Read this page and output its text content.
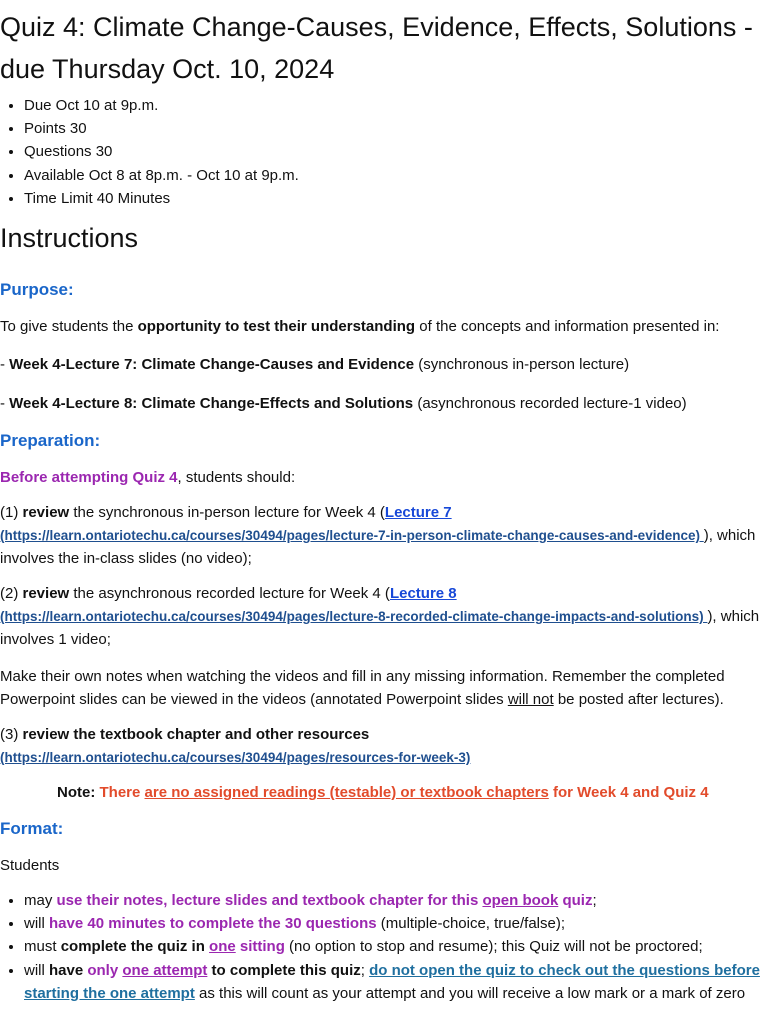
Quiz 4: Climate Change-Causes, Evidence, Effects, Solutions - due Thursday Oct. 10, 2024
• Due Oct 10 at 9p.m.
• Points 30
• Questions 30
• Available Oct 8 at 8p.m. - Oct 10 at 9p.m.
• Time Limit 40 Minutes
Instructions

Purpose:

To give students the opportunity to test their understanding of the concepts and information presented in:

- Week 4-Lecture 7: Climate Change-Causes and Evidence (synchronous in-person lecture)

- Week 4-Lecture 8: Climate Change-Effects and Solutions (asynchronous recorded lecture-1 video)

Preparation:

Before attempting Quiz 4, students should:

(1) review the synchronous in-person lecture for Week 4 (Lecture 7
(https://learn.ontariotechu.ca/courses/30494/pages/lecture-7-in-person-climate-change-causes-and-evidence) ), which involves the in-class slides (no video);

(2) review the asynchronous recorded lecture for Week 4 (Lecture 8
(https://learn.ontariotechu.ca/courses/30494/pages/lecture-8-recorded-climate-change-impacts-and-solutions) ), which involves 1 video;

Make their own notes when watching the videos and fill in any missing information. Remember the completed Powerpoint slides can be viewed in the videos (annotated Powerpoint slides will not be posted after lectures).

(3) review the textbook chapter and other resources
(https://learn.ontariotechu.ca/courses/30494/pages/resources-for-week-3)

Note: There are no assigned readings (testable) or textbook chapters for Week 4 and Quiz 4

Format:

Students

• may use their notes, lecture slides and textbook chapter for this open book quiz;
• will have 40 minutes to complete the 30 questions (multiple-choice, true/false);
• must complete the quiz in one sitting (no option to stop and resume); this Quiz will not be proctored;
• will have only one attempt to complete this quiz; do not open the quiz to check out the questions before starting the one attempt as this will count as your attempt and you will receive a low mark or a mark of zero
